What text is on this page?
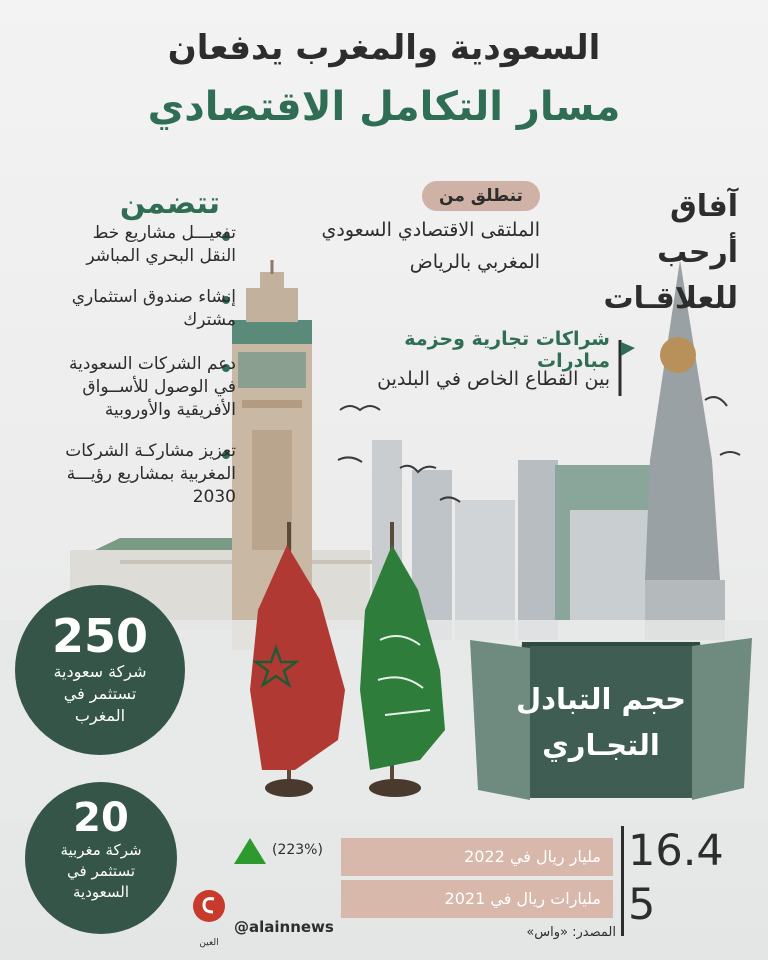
السعودية والمغرب يدفعان
مسار التكامل الاقتصادي
آفاق أرحب
للعلاقـات
تنطلق من
الملتقى الاقتصادي السعودي
المغربي بالرياض
شراكات تجارية وحزمة مبادرات
بين القطاع الخاص في البلدين
تتضمن
تفعيـــل مشاريع خط
النقل البحري المباشر
إنشاء صندوق استثماري
مشترك
دعم الشركات السعودية
في الوصول للأســواق
الأفريقية والأوروبية
تعزيز مشاركـة الشركات
المغربية بمشاريع رؤيـــة
2030
250
شركة سعودية
تستثمر في
المغرب
20
شركة مغربية
تستثمر في
السعودية
حجم التبادل
التجـاري
مليار ريال في 2022
مليارات ريال في 2021
16.4
5
(223%)
المصدر: «واس»
العين
@alainnews
